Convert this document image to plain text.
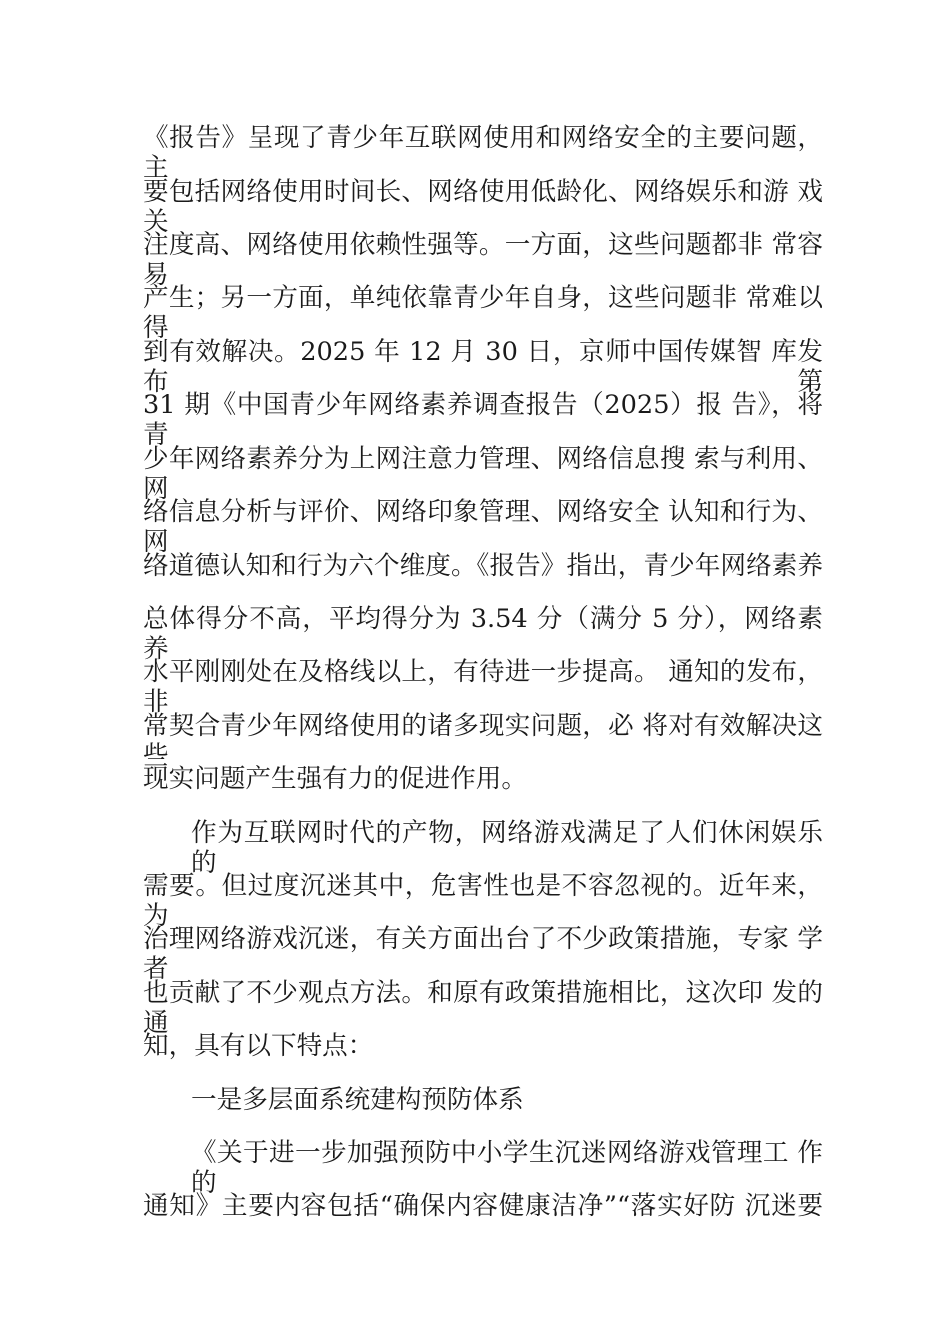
《报告》呈现了青少年互联网使用和网络安全的主要问题， 主
要包括网络使用时间长、网络使用低龄化、网络娱乐和游 戏关
注度高、网络使用依赖性强等。一方面，这些问题都非 常容易
产生；另一方面，单纯依靠青少年自身，这些问题非 常难以得
到有效解决。2025 年 12 月 30 日，京师中国传媒智 库发布第
31 期《中国青少年网络素养调查报告（2025）报 告》，将青
少年网络素养分为上网注意力管理、网络信息搜 索与利用、网
络信息分析与评价、网络印象管理、网络安全 认知和行为、网
络道德认知和行为六个维度。《报告》指出，青少年网络素养
总体得分不高，平均得分为 3.54 分（满分 5 分），网络素养
水平刚刚处在及格线以上，有待进一步提高。 通知的发布，非
常契合青少年网络使用的诸多现实问题，必 将对有效解决这些
现实问题产生强有力的促进作用。
作为互联网时代的产物，网络游戏满足了人们休闲娱乐 的
需要。但过度沉迷其中，危害性也是不容忽视的。近年来， 为
治理网络游戏沉迷，有关方面出台了不少政策措施，专家 学者
也贡献了不少观点方法。和原有政策措施相比，这次印 发的通
知，具有以下特点：
一是多层面系统建构预防体系
《关于进一步加强预防中小学生沉迷网络游戏管理工 作的
通知》主要内容包括“确保内容健康洁净”“落实好防 沉迷要
